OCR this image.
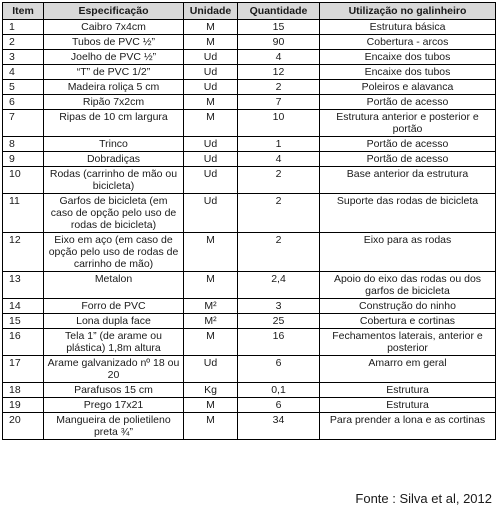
Item	Especificação	Unidade	Quantidade	Utilização no galinheiro
1	Caibro 7x4cm	M	15	Estrutura básica
2	Tubos de PVC ½”	M	90	Cobertura - arcos
3	Joelho de PVC ½”	Ud	4	Encaixe dos tubos
4	“T” de PVC 1/2”	Ud	12	Encaixe dos tubos
5	Madeira roliça 5 cm	Ud	2	Poleiros e alavanca
6	Ripão 7x2cm	M	7	Portão de acesso
7	Ripas de 10 cm largura	M	10	Estrutura anterior e posterior e portão
8	Trinco	Ud	1	Portão de acesso
9	Dobradiças	Ud	4	Portão de acesso
10	Rodas (carrinho de mão ou bicicleta)	Ud	2	Base anterior da estrutura
11	Garfos de bicicleta (em caso de opção pelo uso de rodas de bicicleta)	Ud	2	Suporte das rodas de bicicleta
12	Eixo em aço (em caso de opção pelo uso de rodas de carrinho de mão)	M	2	Eixo para as rodas
13	Metalon	M	2,4	Apoio do eixo das rodas ou dos garfos de bicicleta
14	Forro de PVC	M²	3	Construção do ninho
15	Lona dupla face	M²	25	Cobertura e cortinas
16	Tela 1” (de arame ou plástica) 1,8m altura	M	16	Fechamentos laterais, anterior e posterior
17	Arame galvanizado nº 18 ou 20	Ud	6	Amarro em geral
18	Parafusos 15 cm	Kg	0,1	Estrutura
19	Prego 17x21	M	6	Estrutura
20	Mangueira de polietileno preta ¾”	M	34	Para prender a lona e as cortinas
Fonte : Silva et al, 2012
